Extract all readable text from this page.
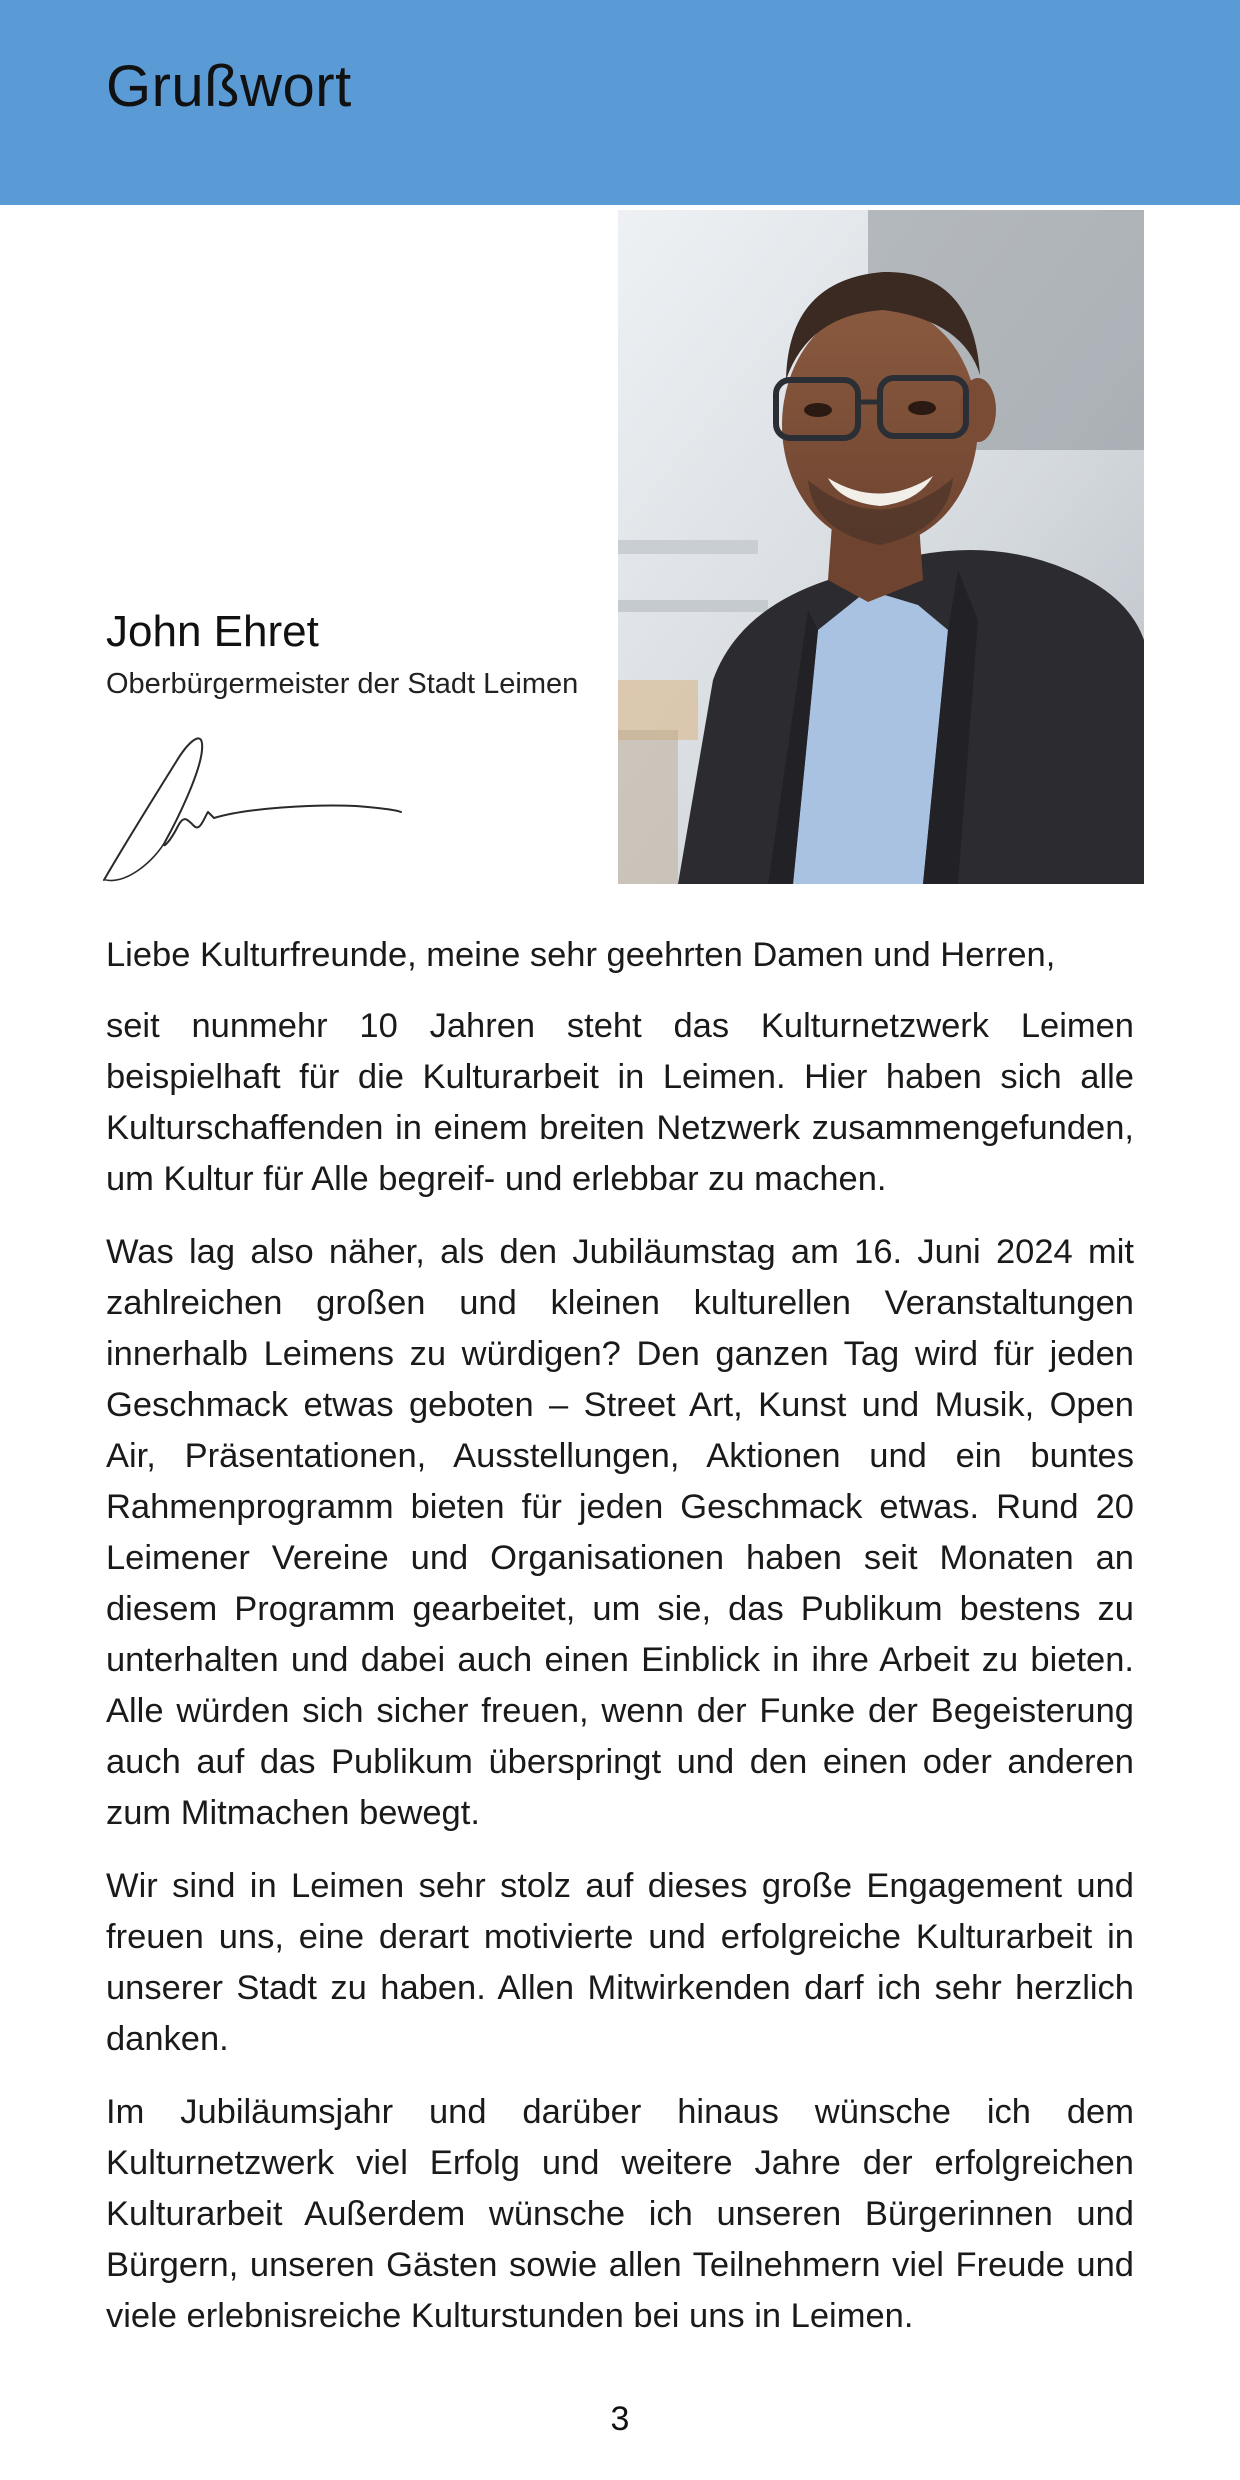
Grußwort
John Ehret

Oberbürgermeister der Stadt Leimen

Liebe Kulturfreunde, meine sehr geehrten Damen und Herren,

seit nunmehr 10 Jahren steht das Kulturnetzwerk Leimen beispielhaft für die Kulturarbeit in Leimen. Hier haben sich alle Kulturschaffenden in einem breiten Netzwerk zusammengefunden, um Kultur für Alle begreif- und erlebbar zu machen.

Was lag also näher, als den Jubiläumstag am 16. Juni 2024 mit zahlreichen großen und kleinen kulturellen Veranstaltungen innerhalb Leimens zu würdigen? Den ganzen Tag wird für jeden Geschmack etwas geboten – Street Art, Kunst und Musik, Open Air, Präsentationen, Ausstellungen, Aktionen und ein buntes Rahmenprogramm bieten für jeden Geschmack etwas. Rund 20 Leimener Vereine und Organisationen haben seit Monaten an diesem Programm gearbeitet, um sie, das Publikum bestens zu unterhalten und dabei auch einen Einblick in ihre Arbeit zu bieten. Alle würden sich sicher freuen, wenn der Funke der Begeisterung auch auf das Publikum überspringt und den einen oder anderen zum Mitmachen bewegt.

Wir sind in Leimen sehr stolz auf dieses große Engagement und freuen uns, eine derart motivierte und erfolgreiche Kulturarbeit in unserer Stadt zu haben. Allen Mitwirkenden darf ich sehr herzlich danken.

Im Jubiläumsjahr und darüber hinaus wünsche ich dem Kulturnetzwerk viel Erfolg und weitere Jahre der erfolgreichen Kulturarbeit Außerdem wünsche ich unseren Bürgerinnen und Bürgern, unseren Gästen sowie allen Teilnehmern viel Freude und viele erlebnisreiche Kulturstunden bei uns in Leimen.

3
